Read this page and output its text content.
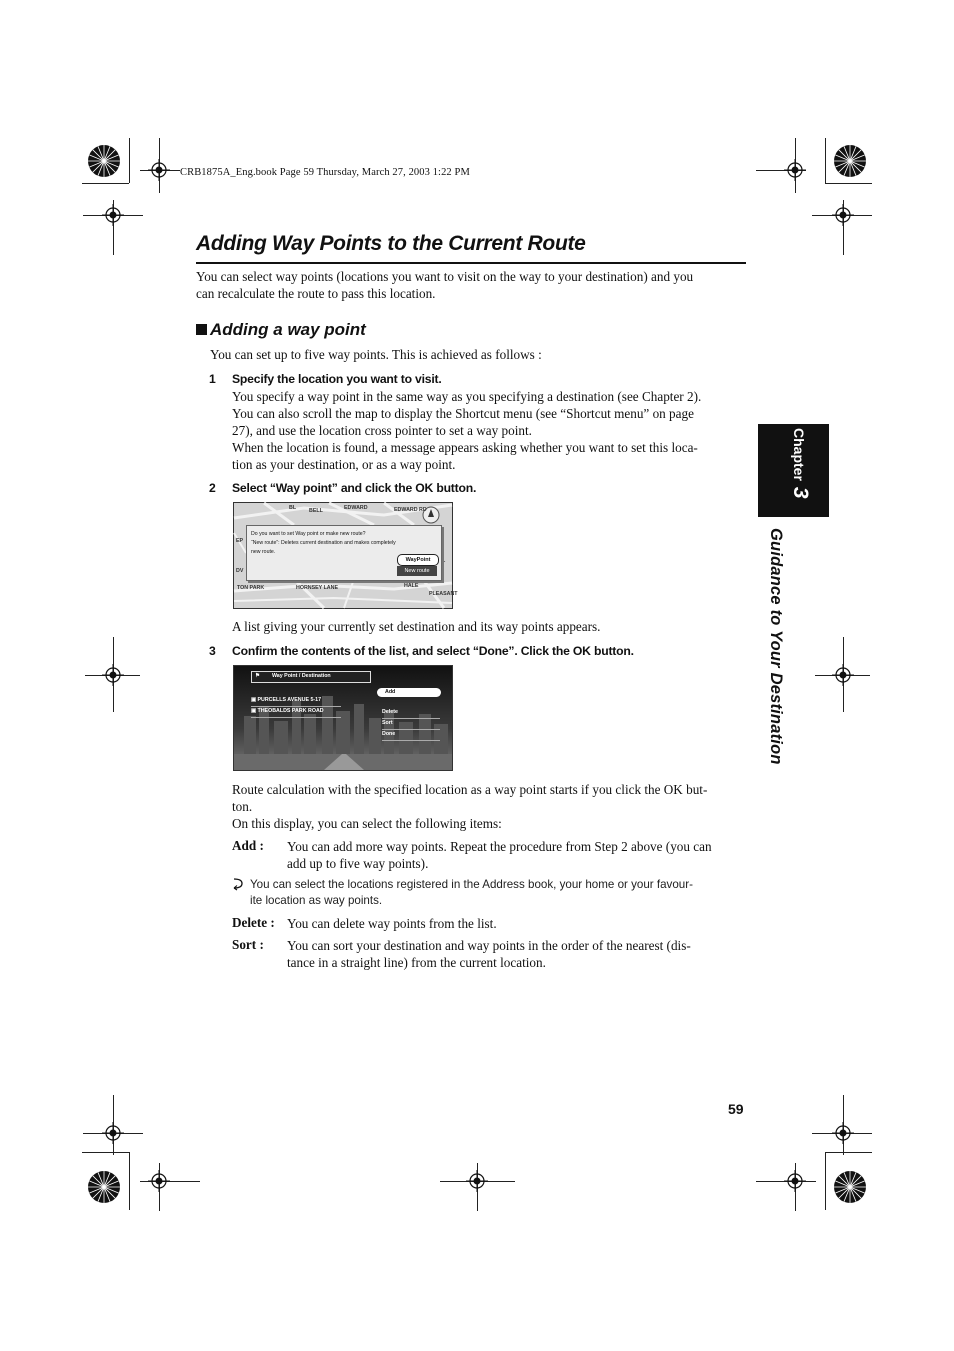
CRB1875A_Eng.book Page 59 Thursday, March 27, 2003 1:22 PM
Adding Way Points to the Current Route
You can select way points (locations you want to visit on the way to your destination) and you
can recalculate the route to pass this location.
Adding a way point
You can set up to five way points. This is achieved as follows :
1 Specify the location you want to visit.
You specify a way point in the same way as you specifying a destination (see Chapter 2).
You can also scroll the map to display the Shortcut menu (see “Shortcut menu” on page
27), and use the location cross pointer to set a way point.
When the location is found, a message appears asking whether you want to set this loca-
tion as your destination, or as a way point.
2 Select “Way point” and click the OK button.
BL BELL	EDWARD	EDWARD RD
EP
DV
TON PARK	HORNSEY LANE	HALE
PLEASANT
L
Do you want to set Way point or make new route?
“New route”: Deletes current destination and makes completely
new route.
WayPoint
New route
A list giving your currently set destination and its way points appears.
3 Confirm the contents of the list, and select “Done”. Click the OK button.
⚑ Way Point / Destination
▣ PURCELLS AVENUE 5-17
▣ THEOBALDS PARK ROAD
Add
Delete
Sort
Done
Route calculation with the specified location as a way point starts if you click the OK but-
ton.
On this display, you can select the following items:
Add : You can add more way points. Repeat the procedure from Step 2 above (you can
add up to five way points).
You can select the locations registered in the Address book, your home or your favour-
ite location as way points.
Delete : You can delete way points from the list.
Sort : You can sort your destination and way points in the order of the nearest (dis-
tance in a straight line) from the current location.
Chapter3
Guidance to Your Destination
59
